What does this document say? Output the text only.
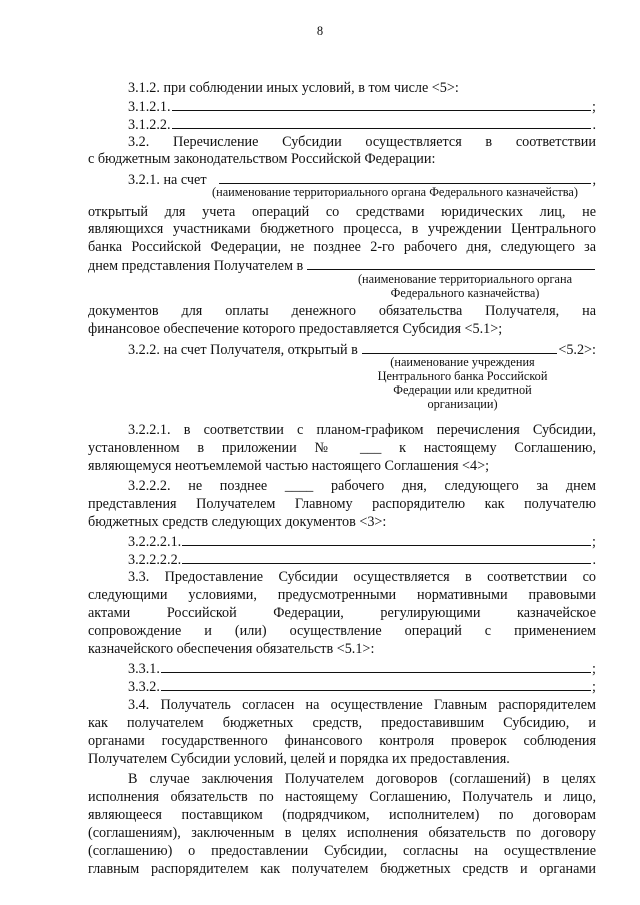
8
3.1.2. при соблюдении иных условий, в том числе <5>:
3.1.2.1.	;
3.1.2.2.	.
3.2. Перечисление Субсидии осуществляется в соответствии
с бюджетным законодательством Российской Федерации:
3.2.1. на счет	,
(наименование территориального органа Федерального казначейства)
открытый для учета операций со средствами юридических лиц, не
являющихся участниками бюджетного процесса, в учреждении Центрального
банка Российской Федерации, не позднее 2-го рабочего дня, следующего за
днем представления Получателем в
(наименование территориального органа
Федерального казначейства)
документов для оплаты денежного обязательства Получателя, на
финансовое обеспечение которого предоставляется Субсидия <5.1>;
3.2.2. на счет Получателя, открытый в	<5.2>:
(наименование учреждения
Центрального банка Российской
Федерации или кредитной
организации)
3.2.2.1. в соответствии с планом-графиком перечисления Субсидии,
установленном в приложении № ___ к настоящему Соглашению,
являющемуся неотъемлемой частью настоящего Соглашения <4>;
3.2.2.2. не позднее ____ рабочего дня, следующего за днем
представления Получателем Главному распорядителю как получателю
бюджетных средств следующих документов <3>:
3.2.2.2.1.	;
3.2.2.2.2.	.
3.3. Предоставление Субсидии осуществляется в соответствии со
следующими условиями, предусмотренными нормативными правовыми
актами Российской Федерации, регулирующими казначейское
сопровождение и (или) осуществление операций с применением
казначейского обеспечения обязательств <5.1>:
3.3.1.	;
3.3.2.	;
3.4. Получатель согласен на осуществление Главным распорядителем
как получателем бюджетных средств, предоставившим Субсидию, и
органами государственного финансового контроля проверок соблюдения
Получателем Субсидии условий, целей и порядка их предоставления.
В случае заключения Получателем договоров (соглашений) в целях
исполнения обязательств по настоящему Соглашению, Получатель и лицо,
являющееся поставщиком (подрядчиком, исполнителем) по договорам
(соглашениям), заключенным в целях исполнения обязательств по договору
(соглашению) о предоставлении Субсидии, согласны на осуществление
главным распорядителем как получателем бюджетных средств и органами
